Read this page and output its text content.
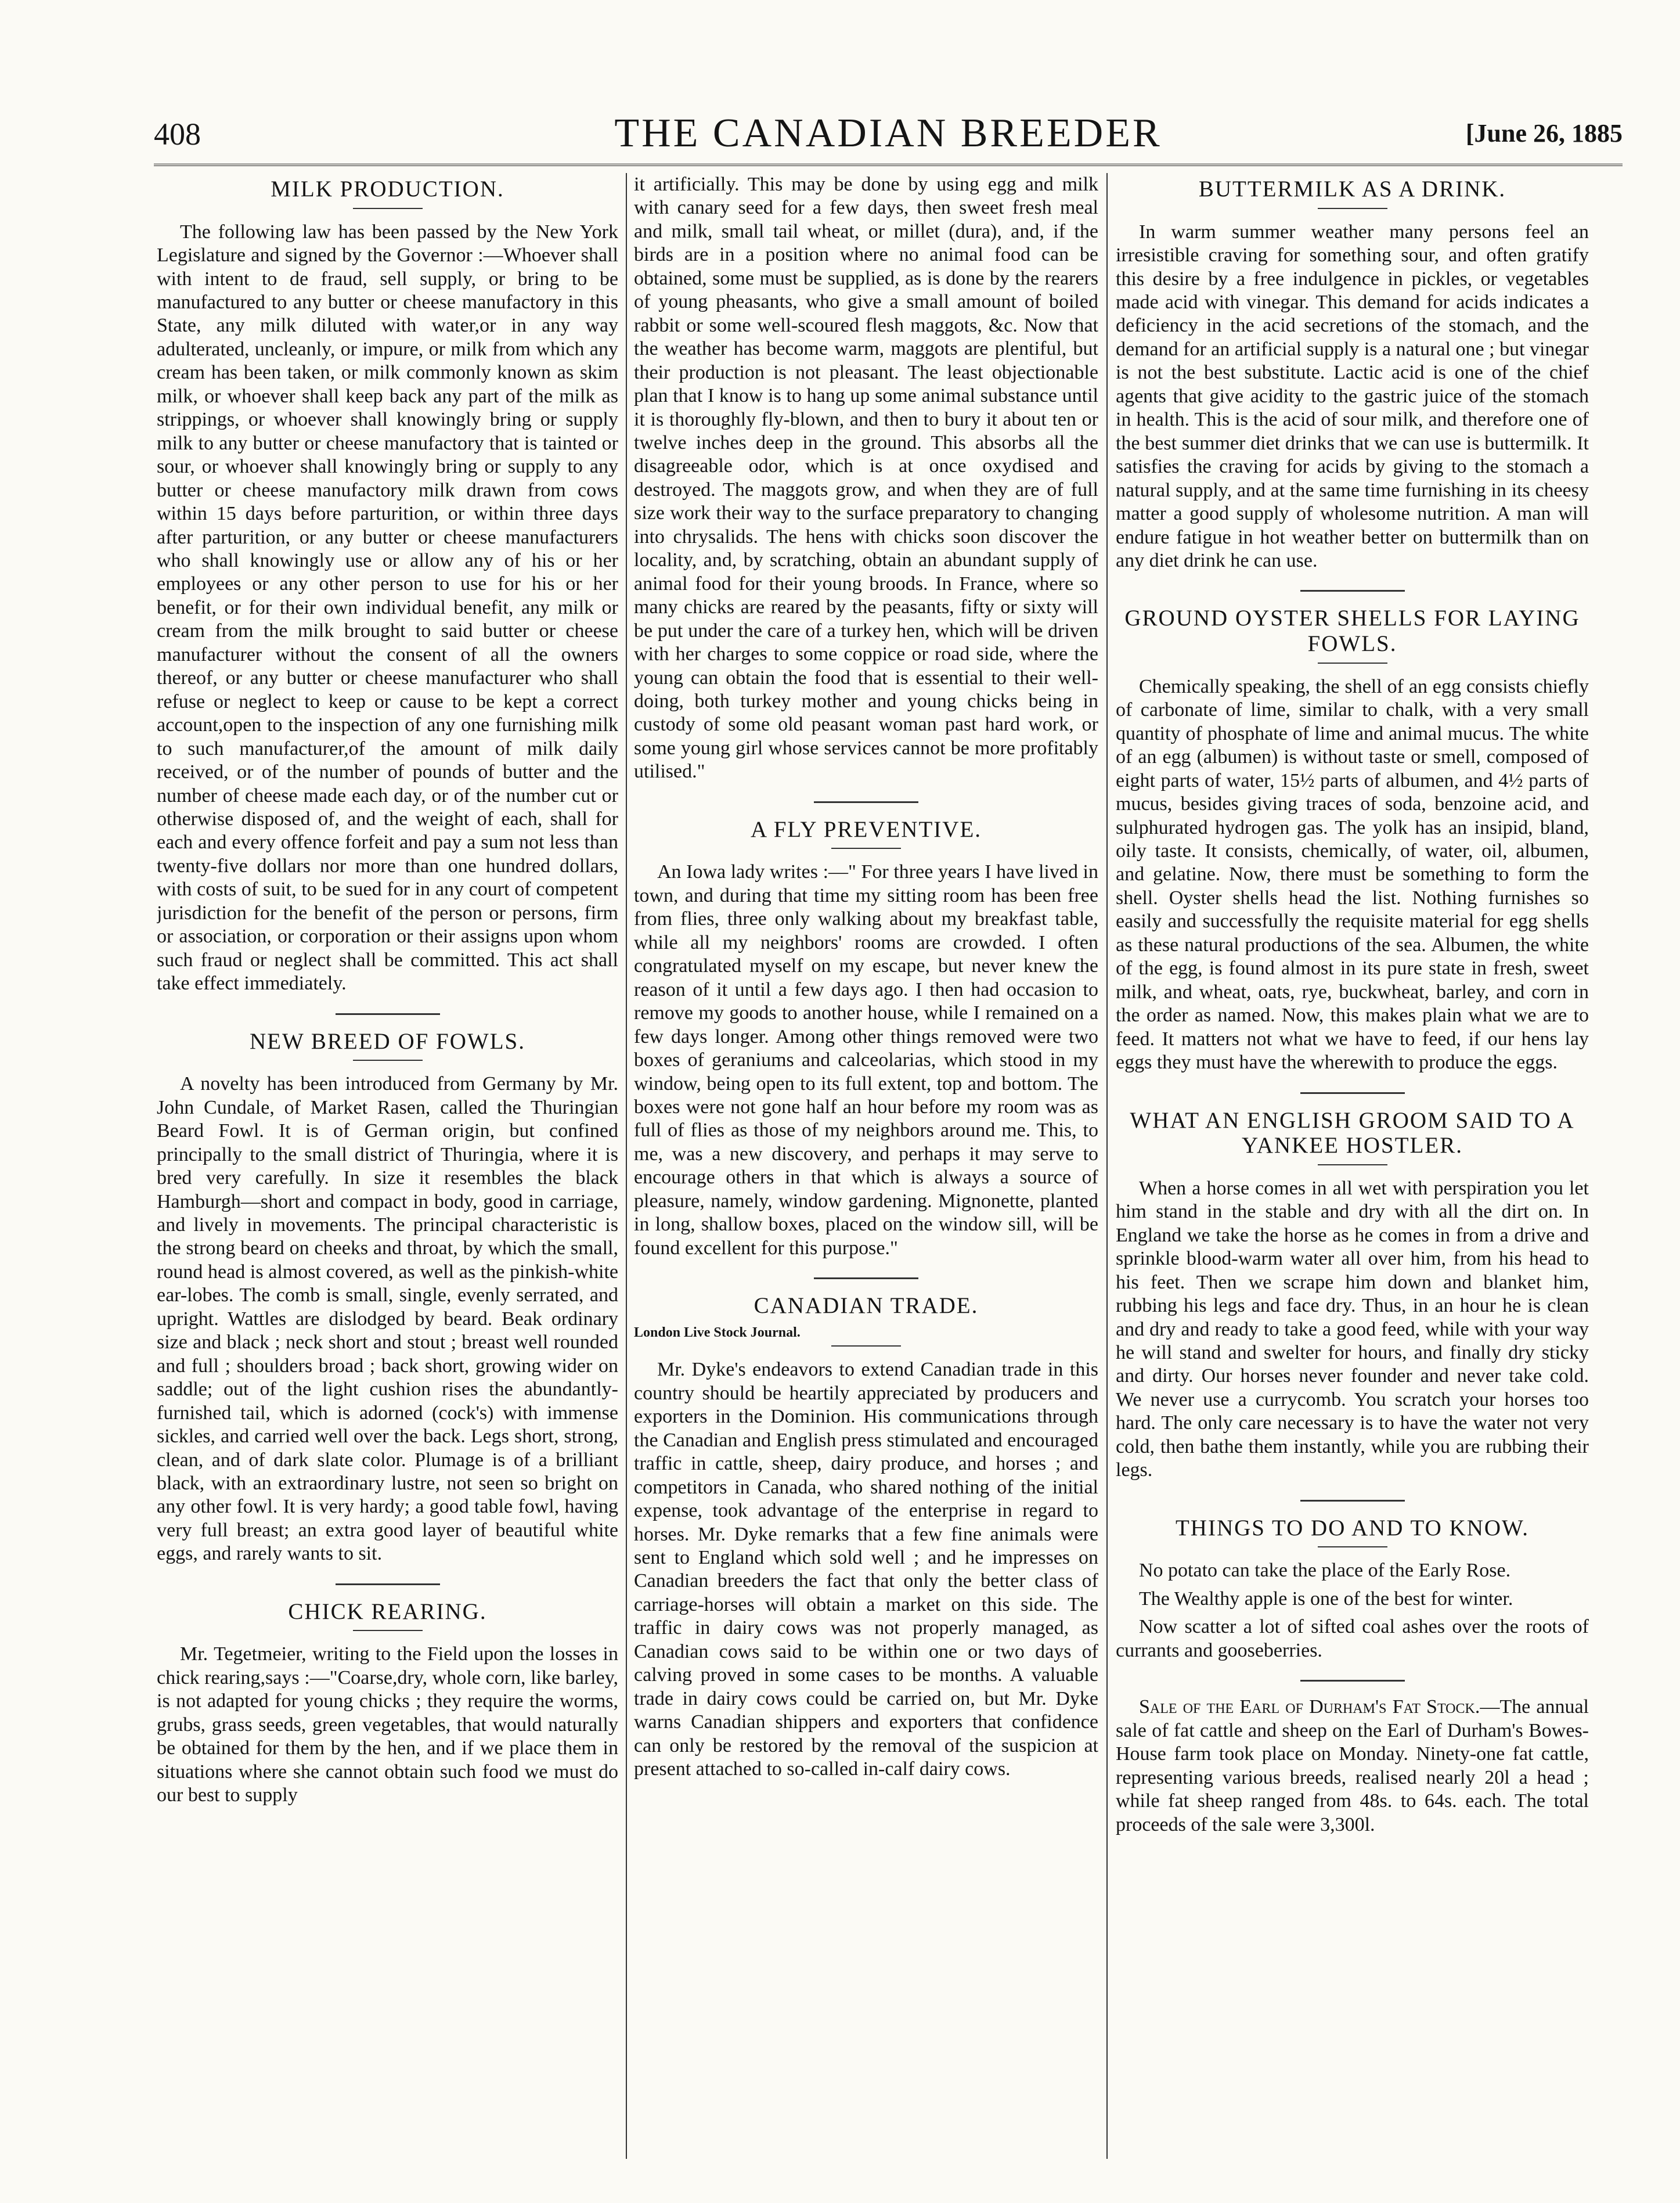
408	THE CANADIAN BREEDER	[June 26, 1885
MILK PRODUCTION.

The following law has been passed by the New York Legislature and signed by the Governor :—Whoever shall with intent to de fraud, sell supply, or bring to be manufactured to any butter or cheese manufactory in this State, any milk diluted with water,or in any way adulterated, uncleanly, or impure, or milk from which any cream has been taken, or milk commonly known as skim milk, or whoever shall keep back any part of the milk as strippings, or whoever shall knowingly bring or supply milk to any butter or cheese manufactory that is tainted or sour, or whoever shall knowingly bring or supply to any butter or cheese manufactory milk drawn from cows within 15 days before parturition, or within three days after parturition, or any butter or cheese manufacturers who shall knowingly use or allow any of his or her employees or any other person to use for his or her benefit, or for their own individual benefit, any milk or cream from the milk brought to said butter or cheese manufacturer without the consent of all the owners thereof, or any butter or cheese manufacturer who shall refuse or neglect to keep or cause to be kept a correct account,open to the inspection of any one furnishing milk to such manufacturer,of the amount of milk daily received, or of the number of pounds of butter and the number of cheese made each day, or of the number cut or otherwise disposed of, and the weight of each, shall for each and every offence forfeit and pay a sum not less than twenty-five dollars nor more than one hundred dollars, with costs of suit, to be sued for in any court of competent jurisdiction for the benefit of the person or persons, firm or association, or corporation or their assigns upon whom such fraud or neglect shall be committed. This act shall take effect immediately.

NEW BREED OF FOWLS.

A novelty has been introduced from Germany by Mr. John Cundale, of Market Rasen, called the Thuringian Beard Fowl. It is of German origin, but confined principally to the small district of Thuringia, where it is bred very carefully. In size it resembles the black Hamburgh—short and compact in body, good in carriage, and lively in movements. The principal characteristic is the strong beard on cheeks and throat, by which the small, round head is almost covered, as well as the pinkish-white ear-lobes. The comb is small, single, evenly serrated, and upright. Wattles are dislodged by beard. Beak ordinary size and black ; neck short and stout ; breast well rounded and full ; shoulders broad ; back short, growing wider on saddle; out of the light cushion rises the abundantly-furnished tail, which is adorned (cock's) with immense sickles, and carried well over the back. Legs short, strong, clean, and of dark slate color. Plumage is of a brilliant black, with an extraordinary lustre, not seen so bright on any other fowl. It is very hardy; a good table fowl, having very full breast; an extra good layer of beautiful white eggs, and rarely wants to sit.

CHICK REARING.

Mr. Tegetmeier, writing to the Field upon the losses in chick rearing,says :—"Coarse,dry, whole corn, like barley, is not adapted for young chicks ; they require the worms, grubs, grass seeds, green vegetables, that would naturally be obtained for them by the hen, and if we place them in situations where she cannot obtain such food we must do our best to supply

it artificially. This may be done by using egg and milk with canary seed for a few days, then sweet fresh meal and milk, small tail wheat, or millet (dura), and, if the birds are in a position where no animal food can be obtained, some must be supplied, as is done by the rearers of young pheasants, who give a small amount of boiled rabbit or some well-scoured flesh maggots, &c. Now that the weather has become warm, maggots are plentiful, but their production is not pleasant. The least objectionable plan that I know is to hang up some animal substance until it is thoroughly fly-blown, and then to bury it about ten or twelve inches deep in the ground. This absorbs all the disagreeable odor, which is at once oxydised and destroyed. The maggots grow, and when they are of full size work their way to the surface preparatory to changing into chrysalids. The hens with chicks soon discover the locality, and, by scratching, obtain an abundant supply of animal food for their young broods. In France, where so many chicks are reared by the peasants, fifty or sixty will be put under the care of a turkey hen, which will be driven with her charges to some coppice or road side, where the young can obtain the food that is essential to their well-doing, both turkey mother and young chicks being in custody of some old peasant woman past hard work, or some young girl whose services cannot be more profitably utilised."

A FLY PREVENTIVE.

An Iowa lady writes :—" For three years I have lived in town, and during that time my sitting room has been free from flies, three only walking about my breakfast table, while all my neighbors' rooms are crowded. I often congratulated myself on my escape, but never knew the reason of it until a few days ago. I then had occasion to remove my goods to another house, while I remained on a few days longer. Among other things removed were two boxes of geraniums and calceolarias, which stood in my window, being open to its full extent, top and bottom. The boxes were not gone half an hour before my room was as full of flies as those of my neighbors around me. This, to me, was a new discovery, and perhaps it may serve to encourage others in that which is always a source of pleasure, namely, window gardening. Mignonette, planted in long, shallow boxes, placed on the window sill, will be found excellent for this purpose."

CANADIAN TRADE.

London Live Stock Journal.

Mr. Dyke's endeavors to extend Canadian trade in this country should be heartily appreciated by producers and exporters in the Dominion. His communications through the Canadian and English press stimulated and encouraged traffic in cattle, sheep, dairy produce, and horses ; and competitors in Canada, who shared nothing of the initial expense, took advantage of the enterprise in regard to horses. Mr. Dyke remarks that a few fine animals were sent to England which sold well ; and he impresses on Canadian breeders the fact that only the better class of carriage-horses will obtain a market on this side. The traffic in dairy cows was not properly managed, as Canadian cows said to be within one or two days of calving proved in some cases to be months. A valuable trade in dairy cows could be carried on, but Mr. Dyke warns Canadian shippers and exporters that confidence can only be restored by the removal of the suspicion at present attached to so-called in-calf dairy cows.

BUTTERMILK AS A DRINK.

In warm summer weather many persons feel an irresistible craving for something sour, and often gratify this desire by a free indulgence in pickles, or vegetables made acid with vinegar. This demand for acids indicates a deficiency in the acid secretions of the stomach, and the demand for an artificial supply is a natural one ; but vinegar is not the best substitute. Lactic acid is one of the chief agents that give acidity to the gastric juice of the stomach in health. This is the acid of sour milk, and therefore one of the best summer diet drinks that we can use is buttermilk. It satisfies the craving for acids by giving to the stomach a natural supply, and at the same time furnishing in its cheesy matter a good supply of wholesome nutrition. A man will endure fatigue in hot weather better on buttermilk than on any diet drink he can use.

GROUND OYSTER SHELLS FOR LAYING FOWLS.

Chemically speaking, the shell of an egg consists chiefly of carbonate of lime, similar to chalk, with a very small quantity of phosphate of lime and animal mucus. The white of an egg (albumen) is without taste or smell, composed of eight parts of water, 15½ parts of albumen, and 4½ parts of mucus, besides giving traces of soda, benzoine acid, and sulphurated hydrogen gas. The yolk has an insipid, bland, oily taste. It consists, chemically, of water, oil, albumen, and gelatine. Now, there must be something to form the shell. Oyster shells head the list. Nothing furnishes so easily and successfully the requisite material for egg shells as these natural productions of the sea. Albumen, the white of the egg, is found almost in its pure state in fresh, sweet milk, and wheat, oats, rye, buckwheat, barley, and corn in the order as named. Now, this makes plain what we are to feed. It matters not what we have to feed, if our hens lay eggs they must have the wherewith to produce the eggs.

WHAT AN ENGLISH GROOM SAID TO A YANKEE HOSTLER.

When a horse comes in all wet with perspiration you let him stand in the stable and dry with all the dirt on. In England we take the horse as he comes in from a drive and sprinkle blood-warm water all over him, from his head to his feet. Then we scrape him down and blanket him, rubbing his legs and face dry. Thus, in an hour he is clean and dry and ready to take a good feed, while with your way he will stand and swelter for hours, and finally dry sticky and dirty. Our horses never founder and never take cold. We never use a currycomb. You scratch your horses too hard. The only care necessary is to have the water not very cold, then bathe them instantly, while you are rubbing their legs.

THINGS TO DO AND TO KNOW.

No potato can take the place of the Early Rose.

The Wealthy apple is one of the best for winter.

Now scatter a lot of sifted coal ashes over the roots of currants and gooseberries.

Sale of the Earl of Durham's Fat Stock.—The annual sale of fat cattle and sheep on the Earl of Durham's Bowes-House farm took place on Monday. Ninety-one fat cattle, representing various breeds, realised nearly 20l a head ; while fat sheep ranged from 48s. to 64s. each. The total proceeds of the sale were 3,300l.
